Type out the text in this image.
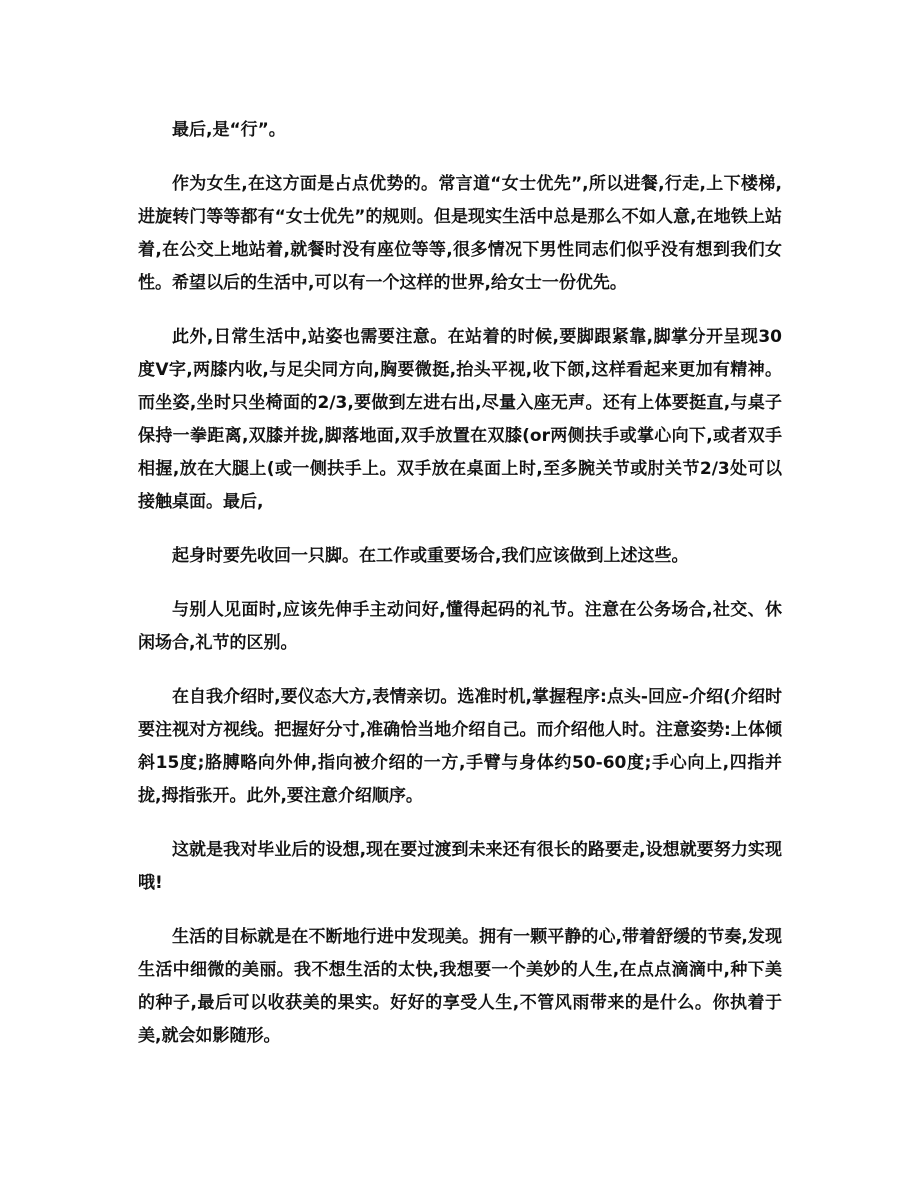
最后,是“行”。

作为女生,在这方面是占点优势的。常言道“女士优先”,所以进餐,行走,上下楼梯,进旋转门等等都有“女士优先”的规则。但是现实生活中总是那么不如人意,在地铁上站着,在公交上地站着,就餐时没有座位等等,很多情况下男性同志们似乎没有想到我们女性。希望以后的生活中,可以有一个这样的世界,给女士一份优先。

此外,日常生活中,站姿也需要注意。在站着的时候,要脚跟紧靠,脚掌分开呈现30度V字,两膝内收,与足尖同方向,胸要微挺,抬头平视,收下颌,这样看起来更加有精神。而坐姿,坐时只坐椅面的2/3,要做到左进右出,尽量入座无声。还有上体要挺直,与桌子保持一拳距离,双膝并拢,脚落地面,双手放置在双膝(or两侧扶手或掌心向下,或者双手相握,放在大腿上(或一侧扶手上。双手放在桌面上时,至多腕关节或肘关节2/3处可以接触桌面。最后,

起身时要先收回一只脚。在工作或重要场合,我们应该做到上述这些。

与别人见面时,应该先伸手主动问好,懂得起码的礼节。注意在公务场合,社交、休闲场合,礼节的区别。

在自我介绍时,要仪态大方,表情亲切。选准时机,掌握程序:点头-回应-介绍(介绍时要注视对方视线。把握好分寸,准确恰当地介绍自己。而介绍他人时。注意姿势:上体倾斜15度;胳膊略向外伸,指向被介绍的一方,手臂与身体约50-60度;手心向上,四指并拢,拇指张开。此外,要注意介绍顺序。

这就是我对毕业后的设想,现在要过渡到未来还有很长的路要走,设想就要努力实现哦!

生活的目标就是在不断地行进中发现美。拥有一颗平静的心,带着舒缓的节奏,发现生活中细微的美丽。我不想生活的太快,我想要一个美妙的人生,在点点滴滴中,种下美的种子,最后可以收获美的果实。好好的享受人生,不管风雨带来的是什么。你执着于美,就会如影随形。
